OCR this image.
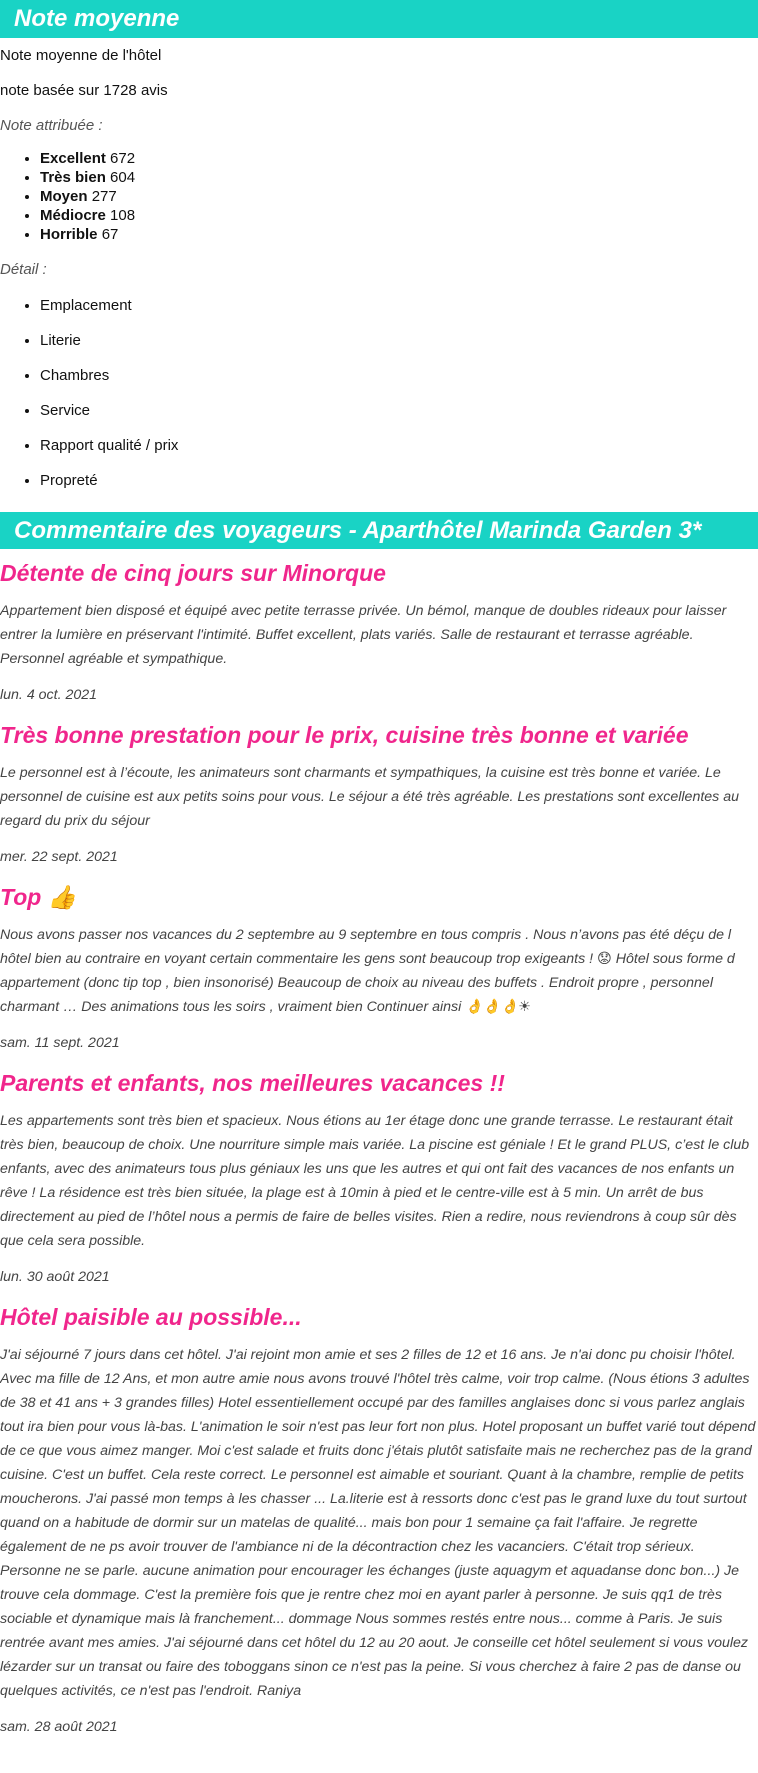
Note moyenne

Note moyenne de l'hôtel

note basée sur 1728 avis

Note attribuée :

• Excellent 672
• Très bien 604
• Moyen 277
• Médiocre 108
• Horrible 67

Détail :

• Emplacement
• Literie
• Chambres
• Service
• Rapport qualité / prix
• Propreté
Commentaire des voyageurs - Aparthôtel Marinda Garden 3*
Détente de cinq jours sur Minorque

Appartement bien disposé et équipé avec petite terrasse privée. Un bémol, manque de doubles rideaux pour laisser entrer la lumière en préservant l'intimité. Buffet excellent, plats variés. Salle de restaurant et terrasse agréable. Personnel agréable et sympathique.

lun. 4 oct. 2021

Très bonne prestation pour le prix, cuisine très bonne et variée

Le personnel est à l’écoute, les animateurs sont charmants et sympathiques, la cuisine est très bonne et variée. Le personnel de cuisine est aux petits soins pour vous. Le séjour a été très agréable. Les prestations sont excellentes au regard du prix du séjour

mer. 22 sept. 2021

Top 👍

Nous avons passer nos vacances du 2 septembre au 9 septembre en tous compris . Nous n’avons pas été déçu de l hôtel bien au contraire en voyant certain commentaire les gens sont beaucoup trop exigeants ! 😟 Hôtel sous forme d appartement (donc tip top , bien insonorisé) Beaucoup de choix au niveau des buffets . Endroit propre , personnel charmant … Des animations tous les soirs , vraiment bien Continuer ainsi 👌👌👌☀

sam. 11 sept. 2021

Parents et enfants, nos meilleures vacances !!

Les appartements sont très bien et spacieux. Nous étions au 1er étage donc une grande terrasse. Le restaurant était très bien, beaucoup de choix. Une nourriture simple mais variée. La piscine est géniale ! Et le grand PLUS, c’est le club enfants, avec des animateurs tous plus géniaux les uns que les autres et qui ont fait des vacances de nos enfants un rêve ! La résidence est très bien située, la plage est à 10min à pied et le centre-ville est à 5 min. Un arrêt de bus directement au pied de l’hôtel nous a permis de faire de belles visites. Rien a redire, nous reviendrons à coup sûr dès que cela sera possible.

lun. 30 août 2021

Hôtel paisible au possible...

J'ai séjourné 7 jours dans cet hôtel. J'ai rejoint mon amie et ses 2 filles de 12 et 16 ans. Je n'ai donc pu choisir l'hôtel. Avec ma fille de 12 Ans, et mon autre amie nous avons trouvé l'hôtel très calme, voir trop calme. (Nous étions 3 adultes de 38 et 41 ans + 3 grandes filles) Hotel essentiellement occupé par des familles anglaises donc si vous parlez anglais tout ira bien pour vous là-bas. L'animation le soir n'est pas leur fort non plus. Hotel proposant un buffet varié tout dépend de ce que vous aimez manger. Moi c'est salade et fruits donc j'étais plutôt satisfaite mais ne recherchez pas de la grand cuisine. C'est un buffet. Cela reste correct. Le personnel est aimable et souriant. Quant à la chambre, remplie de petits moucherons. J'ai passé mon temps à les chasser ... La.literie est à ressorts donc c'est pas le grand luxe du tout surtout quand on a habitude de dormir sur un matelas de qualité... mais bon pour 1 semaine ça fait l'affaire. Je regrette également de ne ps avoir trouver de l'ambiance ni de la décontraction chez les vacanciers. C'était trop sérieux. Personne ne se parle. aucune animation pour encourager les échanges (juste aquagym et aquadanse donc bon...) Je trouve cela dommage. C'est la première fois que je rentre chez moi en ayant parler à personne. Je suis qq1 de très sociable et dynamique mais là franchement... dommage Nous sommes restés entre nous... comme à Paris. Je suis rentrée avant mes amies. J'ai séjourné dans cet hôtel du 12 au 20 aout. Je conseille cet hôtel seulement si vous voulez lézarder sur un transat ou faire des toboggans sinon ce n'est pas la peine. Si vous cherchez à faire 2 pas de danse ou quelques activités, ce n'est pas l'endroit. Raniya

sam. 28 août 2021
